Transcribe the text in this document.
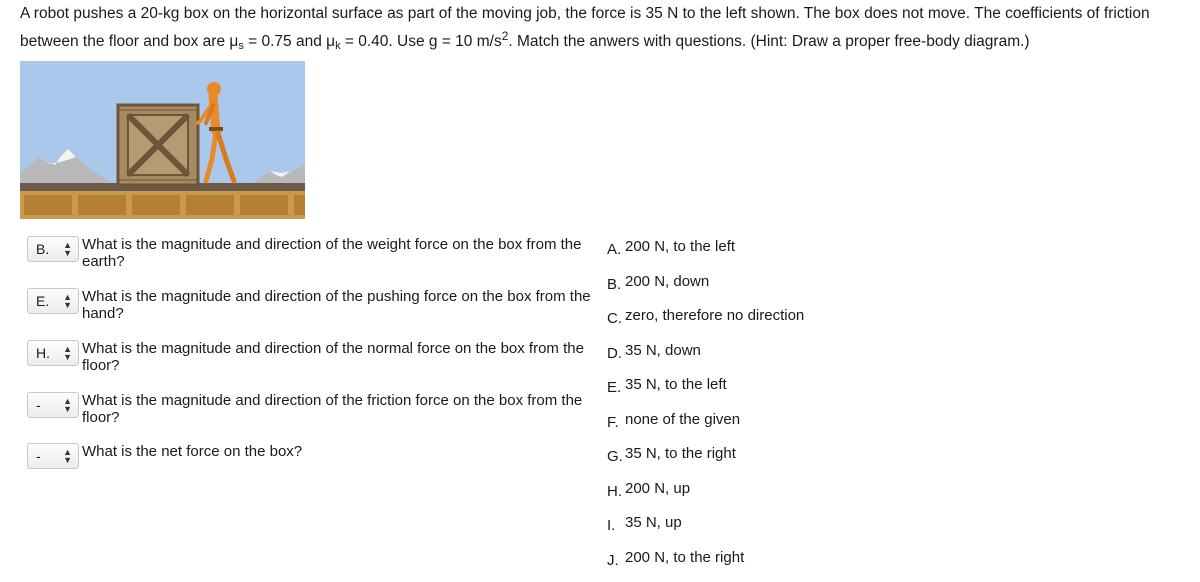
A robot pushes a 20-kg box on the horizontal surface as part of the moving job, the force is 35 N to the left shown. The box does not move. The coefficients of friction between the floor and box are $\mu_s = 0.75$ and $\mu_k = 0.40$. Use g = 10 $m/s^2$. Match the anwers with questions. (Hint: Draw a proper free-body diagram.)
B. ▲
▼ What is the magnitude and direction of the weight force on the box from the earth?
E. ▲
▼ What is the magnitude and direction of the pushing force on the box from the hand?
H. ▲
▼ What is the magnitude and direction of the normal force on the box from the floor?
- ▲
▼ What is the magnitude and direction of the friction force on the box from the floor?
- ▲
▼ What is the net force on the box?
A. 200 N, to the left
B. 200 N, down
C. zero, therefore no direction
D. 35 N, down
E. 35 N, to the left
F. none of the given
G. 35 N, to the right
H. 200 N, up
I. 35 N, up
J. 200 N, to the right
